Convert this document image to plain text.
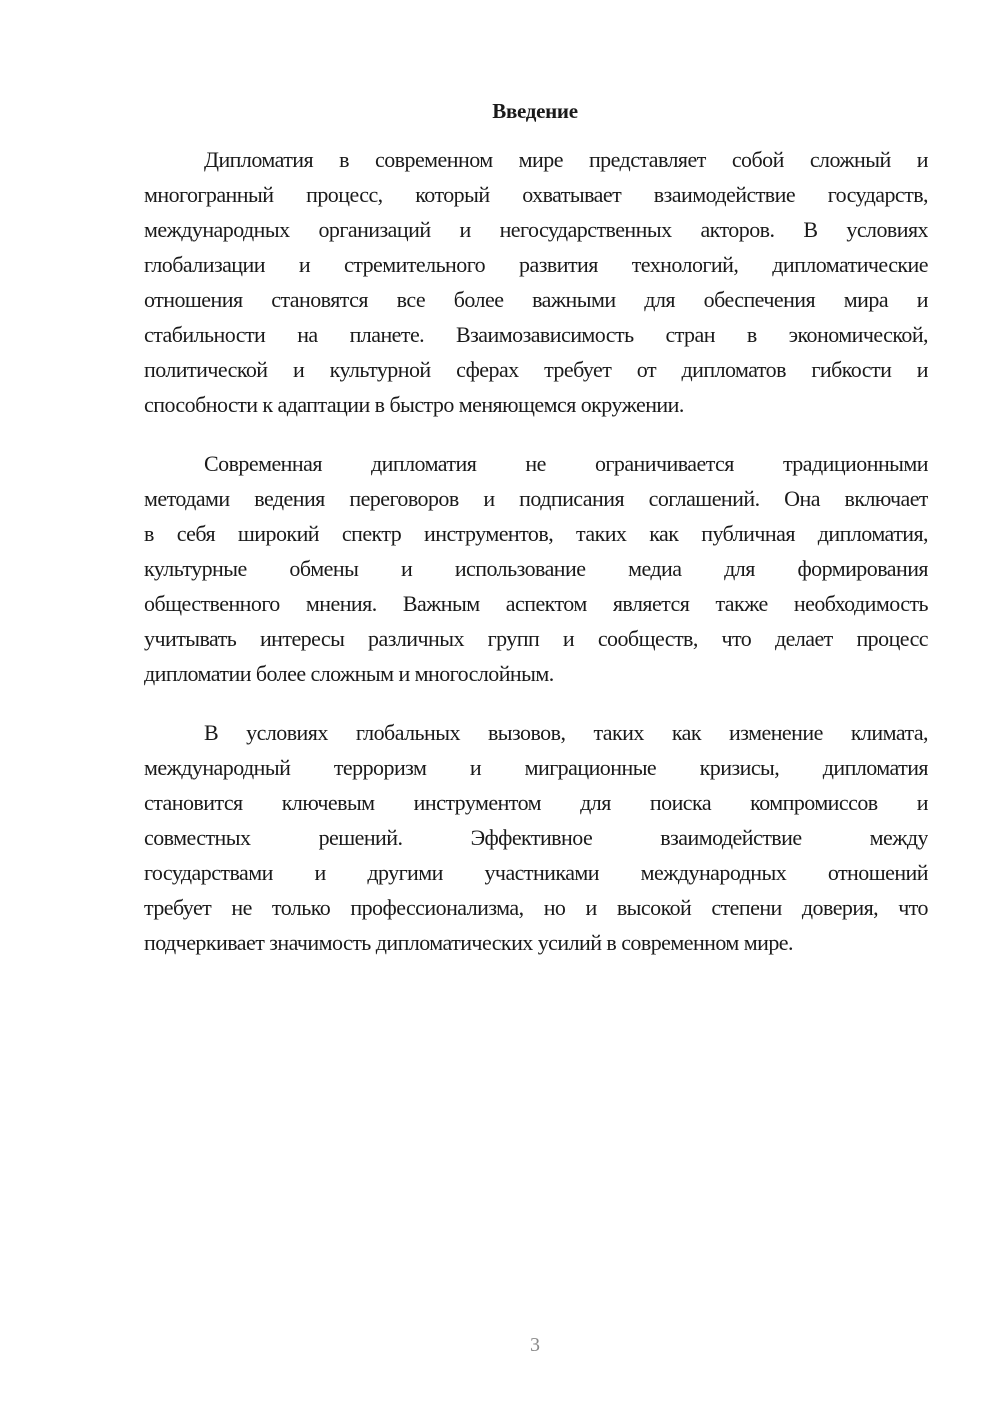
Введение
Дипломатия в современном мире представляет собой сложный и
многогранный процесс, который охватывает взаимодействие государств,
международных организаций и негосударственных акторов. В условиях
глобализации и стремительного развития технологий, дипломатические
отношения становятся все более важными для обеспечения мира и
стабильности на планете. Взаимозависимость стран в экономической,
политической и культурной сферах требует от дипломатов гибкости и
способности к адаптации в быстро меняющемся окружении.
Современная дипломатия не ограничивается традиционными
методами ведения переговоров и подписания соглашений. Она включает
в себя широкий спектр инструментов, таких как публичная дипломатия,
культурные обмены и использование медиа для формирования
общественного мнения. Важным аспектом является также необходимость
учитывать интересы различных групп и сообществ, что делает процесс
дипломатии более сложным и многослойным.
В условиях глобальных вызовов, таких как изменение климата,
международный терроризм и миграционные кризисы, дипломатия
становится ключевым инструментом для поиска компромиссов и
совместных решений. Эффективное взаимодействие между
государствами и другими участниками международных отношений
требует не только профессионализма, но и высокой степени доверия, что
подчеркивает значимость дипломатических усилий в современном мире.
3
